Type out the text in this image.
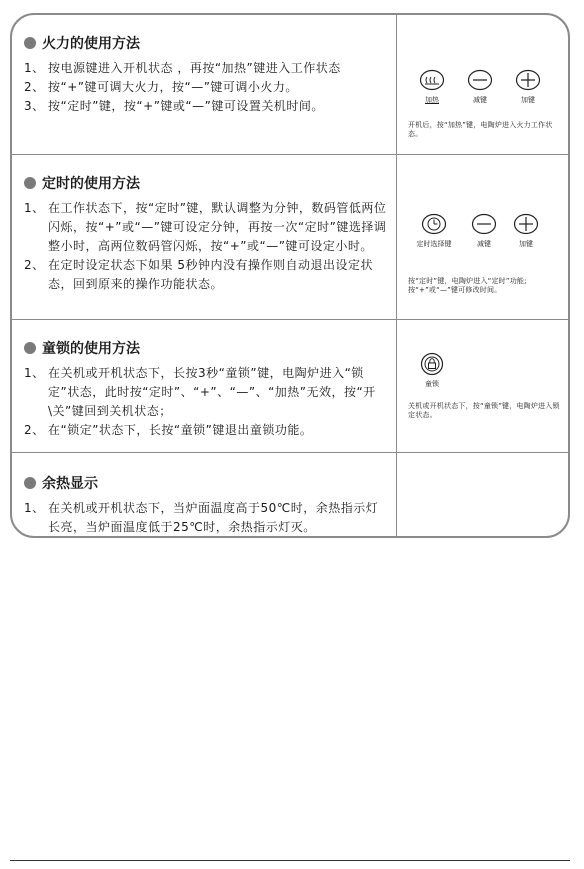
火力的使用方法
1、 按电源键进入开机状态 ，再按“加热”键进入工作状态
2、 按“+”键可调大火力，按“—”键可调小火力。
3、 按“定时”键，按“+”键或“—”键可设置关机时间。	加热	减键	加键
开机后，按“加热”键，电陶炉进入火力工作状态。
定时的使用方法
1、 在工作状态下，按“定时”键，默认调整为分钟，数码管低两位闪烁，按“+”或“—”键可设定分钟，再按一次“定时”键选择调整小时，高两位数码管闪烁，按“+”或“—”键可设定小时。
2、 在定时设定状态下如果 5秒钟内没有操作则自动退出设定状态，回到原来的操作功能状态。
定时选择键	减键	加键
按“定时”键，电陶炉进入“定时”功能;按“+”或“—”键可修改时间。
童锁的使用方法
1、 在关机或开机状态下，长按3秒“童锁”键，电陶炉进入“锁定”状态，此时按“定时”、“+”、“—”、“加热”无效，按“开\关”键回到关机状态；
2、 在“锁定”状态下，长按“童锁”键退出童锁功能。
童锁
关机或开机状态下，按“童锁”键，电陶炉进入锁定状态。
余热显示
1、 在关机或开机状态下，当炉面温度高于50℃时，余热指示灯长亮，当炉面温度低于25℃时，余热指示灯灭。
